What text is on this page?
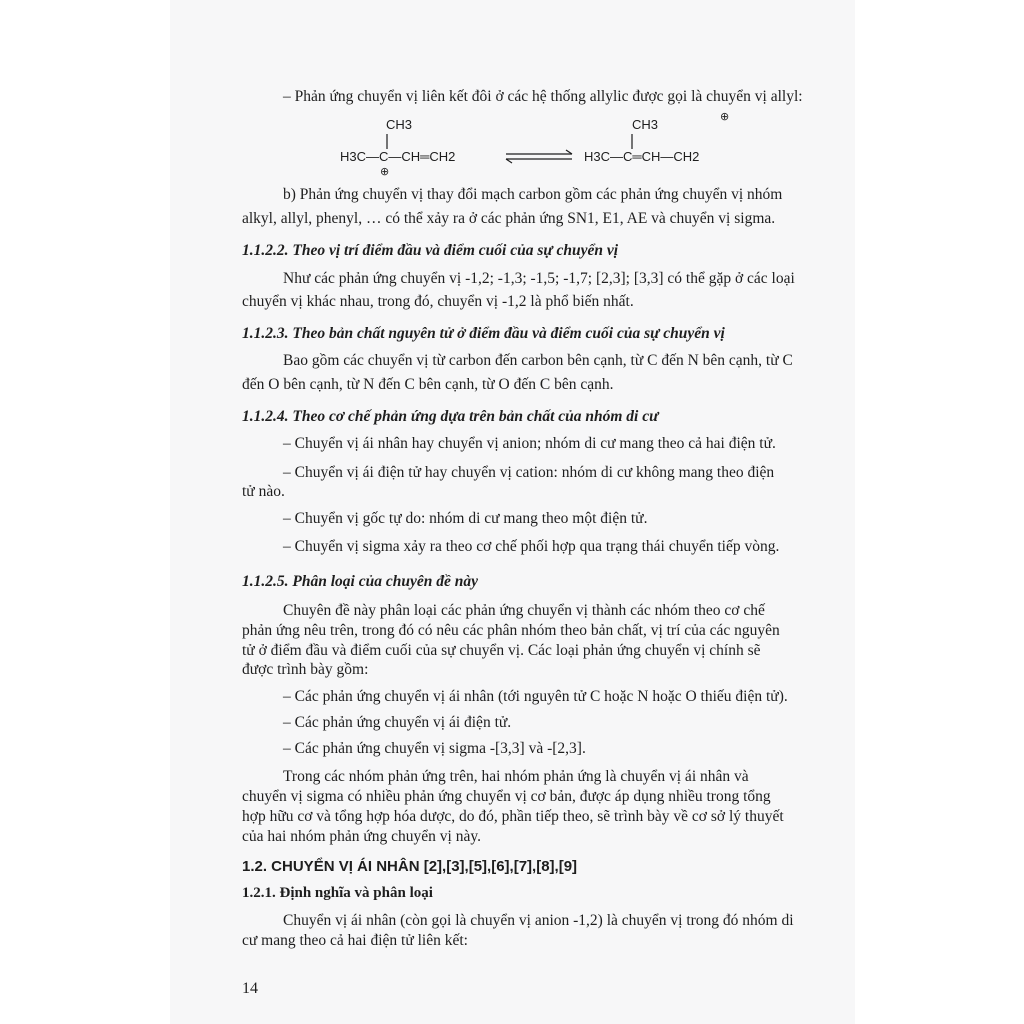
– Phản ứng chuyển vị liên kết đôi ở các hệ thống allylic được gọi là chuyển vị allyl:
CH3
H3C—C—CH═CH2
⊕
CH3
H3C—C═CH—CH2
⊕
b) Phản ứng chuyển vị thay đổi mạch carbon gồm các phản ứng chuyển vị nhóm
alkyl, allyl, phenyl, … có thể xảy ra ở các phản ứng SN1, E1, AE và chuyển vị sigma.
1.1.2.2. Theo vị trí điểm đầu và điểm cuối của sự chuyển vị
Như các phản ứng chuyển vị -1,2; -1,3; -1,5; -1,7; [2,3]; [3,3] có thể gặp ở các loại
chuyển vị khác nhau, trong đó, chuyển vị -1,2 là phổ biến nhất.
1.1.2.3. Theo bản chất nguyên tử ở điểm đầu và điểm cuối của sự chuyển vị
Bao gồm các chuyển vị từ carbon đến carbon bên cạnh, từ C đến N bên cạnh, từ C
đến O bên cạnh, từ N đến C bên cạnh, từ O đến C bên cạnh.
1.1.2.4. Theo cơ chế phản ứng dựa trên bản chất của nhóm di cư
– Chuyển vị ái nhân hay chuyển vị anion; nhóm di cư mang theo cả hai điện tử.
– Chuyển vị ái điện tử hay chuyển vị cation: nhóm di cư không mang theo điện
tử nào.
– Chuyển vị gốc tự do: nhóm di cư mang theo một điện tử.
– Chuyển vị sigma xảy ra theo cơ chế phối hợp qua trạng thái chuyển tiếp vòng.
1.1.2.5. Phân loại của chuyên đề này
Chuyên đề này phân loại các phản ứng chuyển vị thành các nhóm theo cơ chế
phản ứng nêu trên, trong đó có nêu các phân nhóm theo bản chất, vị trí của các nguyên
tử ở điểm đầu và điểm cuối của sự chuyển vị. Các loại phản ứng chuyển vị chính sẽ
được trình bày gồm:
– Các phản ứng chuyển vị ái nhân (tới nguyên tử C hoặc N hoặc O thiếu điện tử).
– Các phản ứng chuyển vị ái điện tử.
– Các phản ứng chuyển vị sigma -[3,3] và -[2,3].
Trong các nhóm phản ứng trên, hai nhóm phản ứng là chuyển vị ái nhân và
chuyển vị sigma có nhiều phản ứng chuyển vị cơ bản, được áp dụng nhiều trong tổng
hợp hữu cơ và tổng hợp hóa dược, do đó, phần tiếp theo, sẽ trình bày về cơ sở lý thuyết
của hai nhóm phản ứng chuyển vị này.
1.2. CHUYỂN VỊ ÁI NHÂN [2],[3],[5],[6],[7],[8],[9]
1.2.1. Định nghĩa và phân loại
Chuyển vị ái nhân (còn gọi là chuyển vị anion -1,2) là chuyển vị trong đó nhóm di
cư mang theo cả hai điện tử liên kết:
14
